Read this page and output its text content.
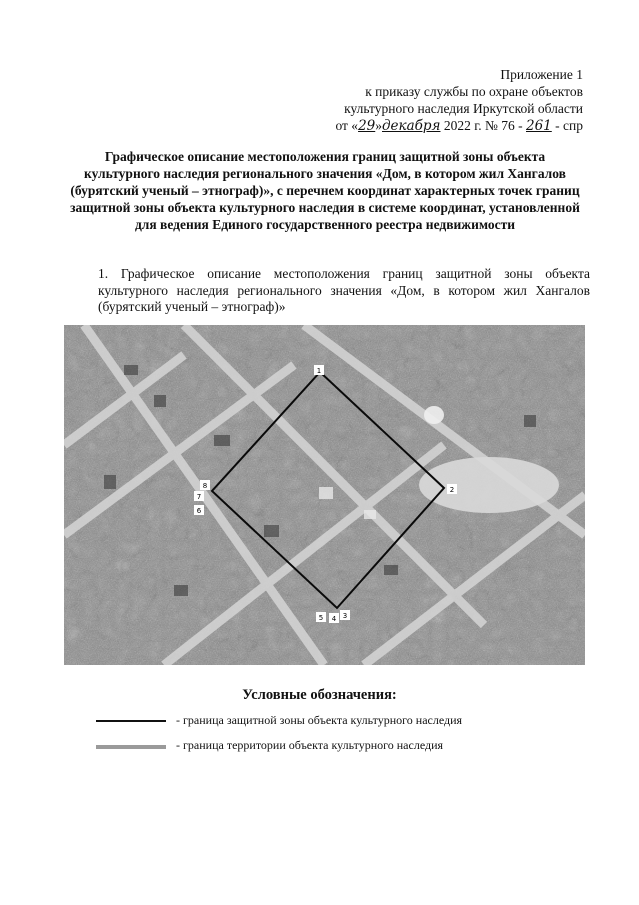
Приложение 1
к приказу службы по охране объектов
культурного наследия Иркутской области
от «29»декабря 2022 г. № 76 - 261 - спр
Графическое описание местоположения границ защитной зоны объекта культурного наследия регионального значения «Дом, в котором жил Хангалов (бурятский ученый – этнограф)», с перечнем координат характерных точек границ защитной зоны объекта культурного наследия в системе координат, установленной для ведения Единого государственного реестра недвижимости
1. Графическое описание местоположения границ защитной зоны объекта культурного наследия регионального значения «Дом, в котором жил Хангалов (бурятский ученый – этнограф)»
1
2
3
4
5
6
7
8
Условные обозначения:
- граница защитной зоны объекта культурного наследия
- граница территории объекта культурного наследия
